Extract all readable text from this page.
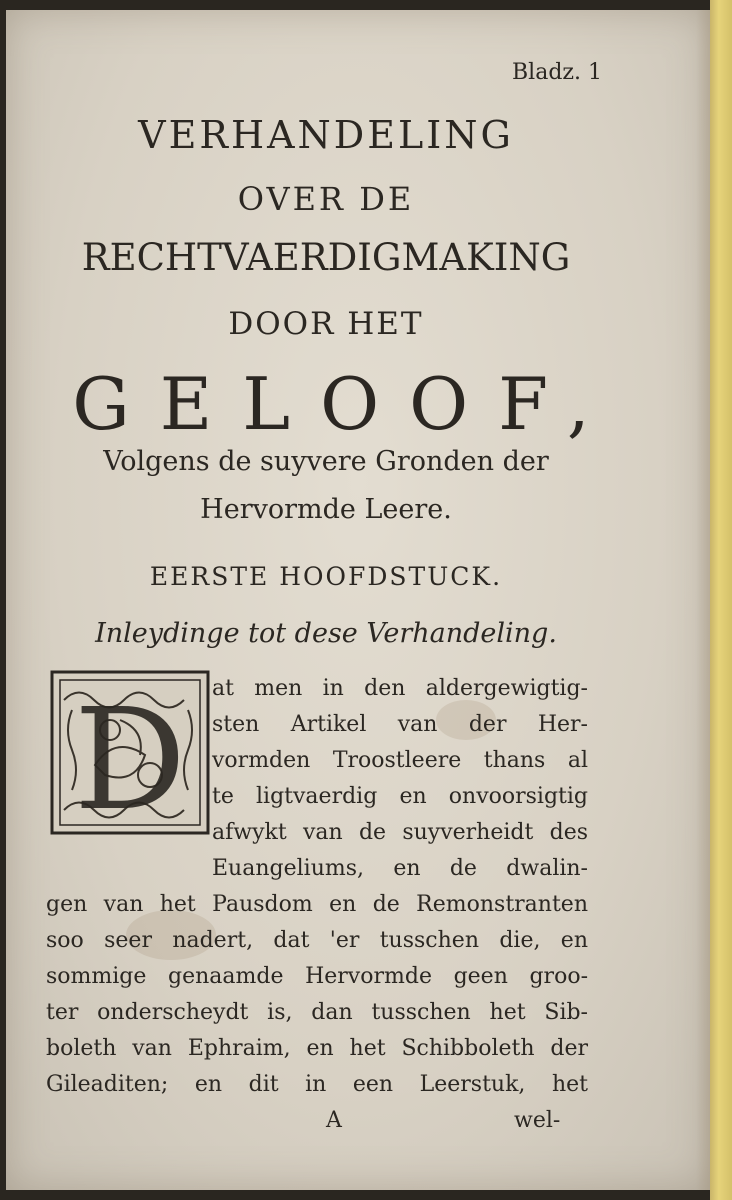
Bladz. 1
VERHANDELING
OVER DE
RECHTVAERDIGMAKING
DOOR HET
GELOOF,
Volgens de suyvere Gronden der
Hervormde Leere.
EERSTE HOOFDSTUCK.
Inleydinge tot dese Verhandeling.
D at men in den aldergewigtig-
sten Artikel van der Her-
vormden Troostleere thans al
te ligtvaerdig en onvoorsigtig
afwykt van de suyverheidt des
Euangeliums, en de dwalin-
gen van het Pausdom en de Remonstranten
soo seer nadert, dat 'er tusschen die, en
sommige genaamde Hervormde geen groo-
ter onderscheydt is, dan tusschen het Sib-
boleth van Ephraim, en het Schibboleth der
Gileaditen; en dit in een Leerstuk, het
A	wel-
